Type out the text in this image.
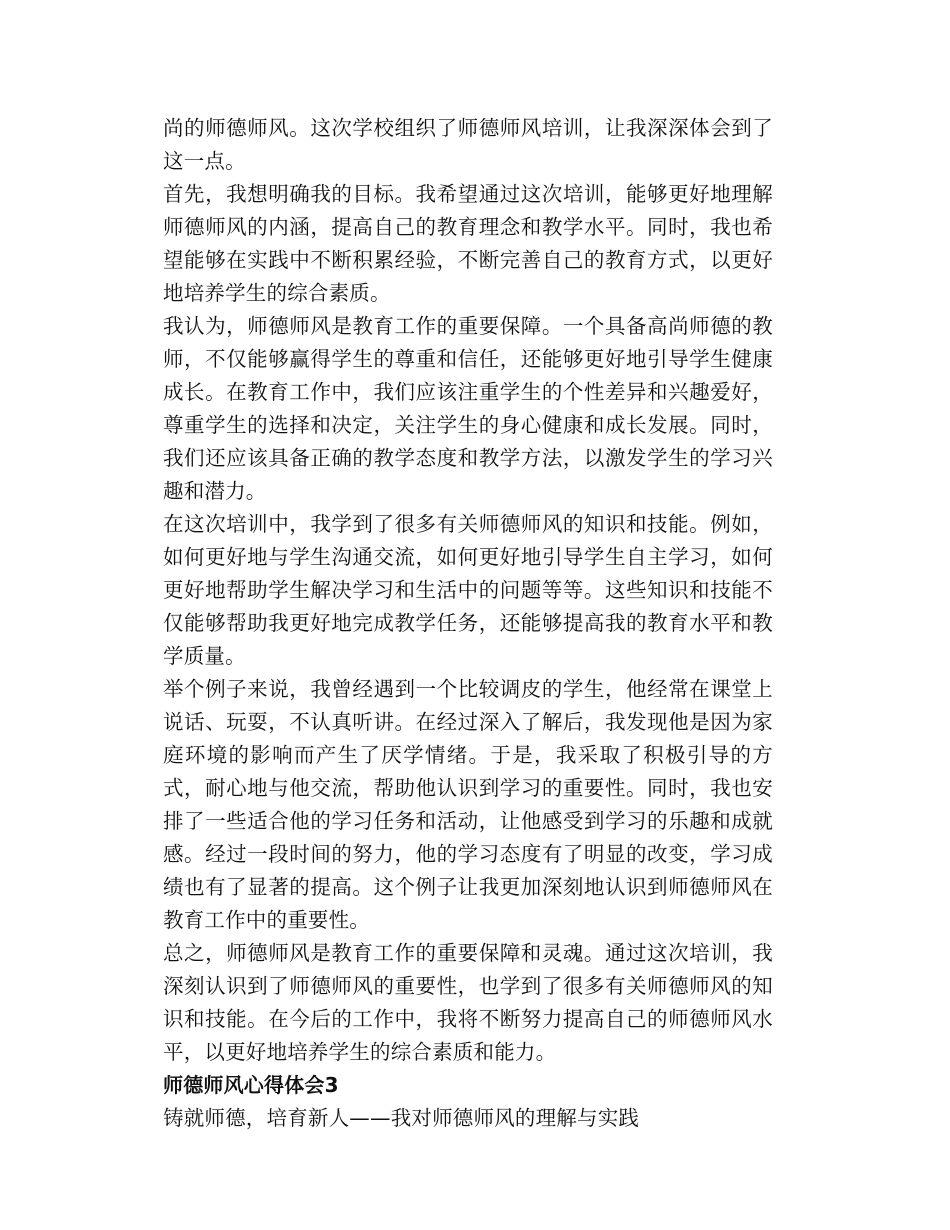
尚的师德师风。这次学校组织了师德师风培训，让我深深体会到了这一点。

首先，我想明确我的目标。我希望通过这次培训，能够更好地理解师德师风的内涵，提高自己的教育理念和教学水平。同时，我也希望能够在实践中不断积累经验，不断完善自己的教育方式，以更好地培养学生的综合素质。

我认为，师德师风是教育工作的重要保障。一个具备高尚师德的教师，不仅能够赢得学生的尊重和信任，还能够更好地引导学生健康成长。在教育工作中，我们应该注重学生的个性差异和兴趣爱好，尊重学生的选择和决定，关注学生的身心健康和成长发展。同时，我们还应该具备正确的教学态度和教学方法，以激发学生的学习兴趣和潜力。

在这次培训中，我学到了很多有关师德师风的知识和技能。例如，如何更好地与学生沟通交流，如何更好地引导学生自主学习，如何更好地帮助学生解决学习和生活中的问题等等。这些知识和技能不仅能够帮助我更好地完成教学任务，还能够提高我的教育水平和教学质量。

举个例子来说，我曾经遇到一个比较调皮的学生，他经常在课堂上说话、玩耍，不认真听讲。在经过深入了解后，我发现他是因为家庭环境的影响而产生了厌学情绪。于是，我采取了积极引导的方式，耐心地与他交流，帮助他认识到学习的重要性。同时，我也安排了一些适合他的学习任务和活动，让他感受到学习的乐趣和成就感。经过一段时间的努力，他的学习态度有了明显的改变，学习成绩也有了显著的提高。这个例子让我更加深刻地认识到师德师风在教育工作中的重要性。

总之，师德师风是教育工作的重要保障和灵魂。通过这次培训，我深刻认识到了师德师风的重要性，也学到了很多有关师德师风的知识和技能。在今后的工作中，我将不断努力提高自己的师德师风水平，以更好地培养学生的综合素质和能力。

师德师风心得体会3

铸就师德，培育新人——我对师德师风的理解与实践
